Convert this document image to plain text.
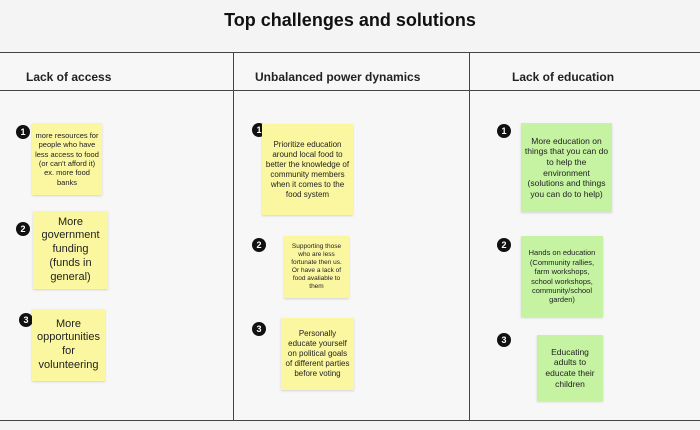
Top challenges and solutions
Lack of access	Unbalanced power dynamics	Lack of education
1	more resources for people who have less access to food (or can't afford it) ex. more food banks
2
More government funding (funds in general)
3	More opportunities for volunteering
1
Prioritize education around local food to better the knowledge of community members when it comes to the food system
2	Supporting those who are less fortunate then us. Or have a lack of food avaliable to them
3	Personally educate yourself on political goals of different parties before voting
1
More education on things that you can do to help the environment (solutions and things you can do to help)
2
Hands on education (Community rallies, farm workshops, school workshops, community/school garden)
3
Educating adults to educate their children
